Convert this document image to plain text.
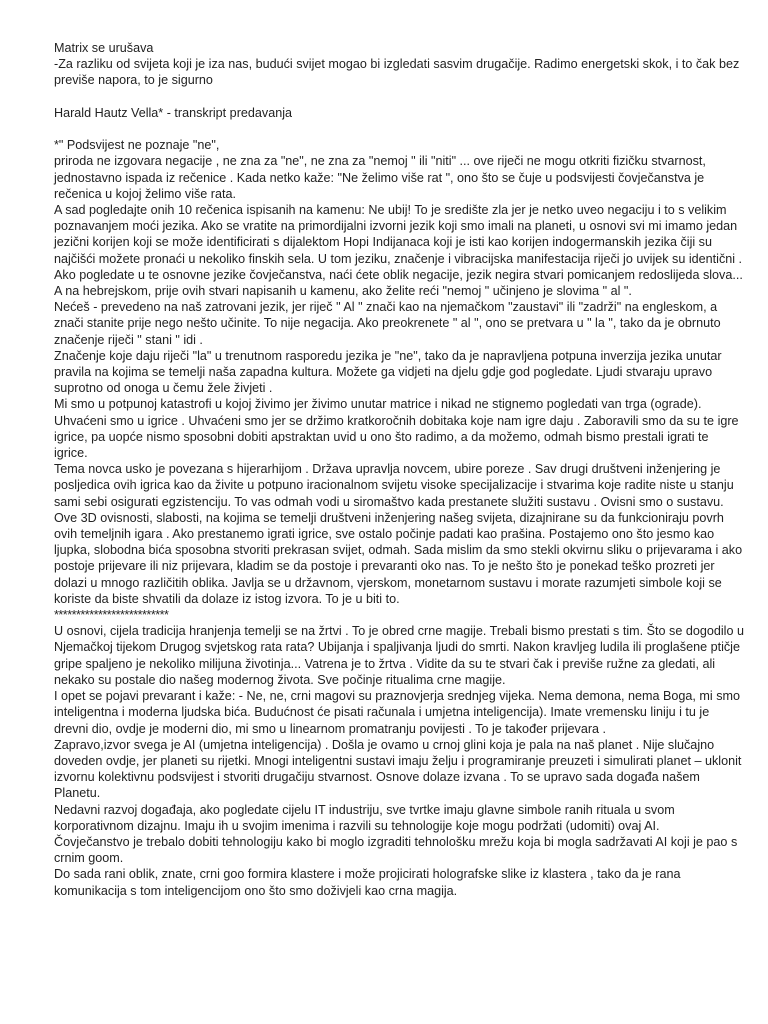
Matrix se urušava

-Za razliku od svijeta koji je iza nas, budući svijet mogao bi izgledati sasvim drugačije. Radimo energetski skok, i to čak bez previše napora, to je sigurno

Harald Hautz Vella* - transkript predavanja

*" Podsvijest ne poznaje "ne",

priroda ne izgovara negacije , ne zna za "ne", ne zna za "nemoj " ili "niti" ... ove riječi ne mogu otkriti fizičku stvarnost, jednostavno ispada iz rečenice . Kada netko kaže: "Ne želimo više rat ", ono što se čuje u podsvijesti čovječanstva je rečenica u kojoj želimo više rata.

A sad pogledajte onih 10 rečenica ispisanih na kamenu: Ne ubij! To je središte zla jer je netko uveo negaciju i to s velikim poznavanjem moći jezika. Ako se vratite na primordijalni izvorni jezik koji smo imali na planeti, u osnovi svi mi imamo jedan jezični korijen koji se može identificirati s dijalektom Hopi Indijanaca koji je isti kao korijen indogermanskih jezika čiji su najčišći možete pronaći u nekoliko finskih sela. U tom jeziku, značenje i vibracijska manifestacija riječi jo uvijek su identični .

Ako pogledate u te osnovne jezike čovječanstva, naći ćete oblik negacije, jezik negira stvari pomicanjem redoslijeda slova... A na hebrejskom, prije ovih stvari napisanih u kamenu, ako želite reći "nemoj " učinjeno je slovima " al ".

Nećeš - prevedeno na naš zatrovani jezik, jer riječ " Al " znači kao na njemačkom "zaustavi" ili "zadrži" na engleskom, a znači stanite prije nego nešto učinite. To nije negacija. Ako preokrenete " al ", ono se pretvara u " la ", tako da je obrnuto značenje riječi " stani " idi .

Značenje koje daju riječi "la" u trenutnom rasporedu jezika je "ne", tako da je napravljena potpuna inverzija jezika unutar pravila na kojima se temelji naša zapadna kultura. Možete ga vidjeti na djelu gdje god pogledate. Ljudi stvaraju upravo suprotno od onoga u čemu žele živjeti .

Mi smo u potpunoj katastrofi u kojoj živimo jer živimo unutar matrice i nikad ne stignemo pogledati van trga (ograde). Uhvaćeni smo u igrice . Uhvaćeni smo jer se držimo kratkoročnih dobitaka koje nam igre daju . Zaboravili smo da su te igre igrice, pa uopće nismo sposobni dobiti apstraktan uvid u ono što radimo, a da možemo, odmah bismo prestali igrati te igrice.

Tema novca usko je povezana s hijerarhijom . Država upravlja novcem, ubire poreze . Sav drugi društveni inženjering je posljedica ovih igrica kao da živite u potpuno iracionalnom svijetu visoke specijalizacije i stvarima koje radite niste u stanju sami sebi osigurati egzistenciju. To vas odmah vodi u siromaštvo kada prestanete služiti sustavu . Ovisni smo o sustavu.

Ove 3D ovisnosti, slabosti, na kojima se temelji društveni inženjering našeg svijeta, dizajnirane su da funkcioniraju povrh ovih temeljnih igara . Ako prestanemo igrati igrice, sve ostalo počinje padati kao prašina. Postajemo ono što jesmo kao ljupka, slobodna bića sposobna stvoriti prekrasan svijet, odmah. Sada mislim da smo stekli okvirnu sliku o prijevarama i ako postoje prijevare ili niz prijevara, kladim se da postoje i prevaranti oko nas. To je nešto što je ponekad teško prozreti jer dolazi u mnogo različitih oblika. Javlja se u državnom, vjerskom, monetarnom sustavu i morate razumjeti simbole koji se koriste da biste shvatili da dolaze iz istog izvora. To je u biti to.

**************************

U osnovi, cijela tradicija hranjenja temelji se na žrtvi . To je obred crne magije. Trebali bismo prestati s tim. Što se dogodilo u Njemačkoj tijekom Drugog svjetskog rata rata? Ubijanja i spaljivanja ljudi do smrti. Nakon kravljeg ludila ili proglašene ptičje gripe spaljeno je nekoliko milijuna životinja... Vatrena je to žrtva . Vidite da su te stvari čak i previše ružne za gledati, ali nekako su postale dio našeg modernog života. Sve počinje ritualima crne magije.

I opet se pojavi prevarant i kaže: - Ne, ne, crni magovi su praznovjerja srednjeg vijeka. Nema demona, nema Boga, mi smo inteligentna i moderna ljudska bića. Budućnost će pisati računala i umjetna inteligencija). Imate vremensku liniju i tu je drevni dio, ovdje je moderni dio, mi smo u linearnom promatranju povijesti . To je također prijevara .

Zapravo,izvor svega je AI (umjetna inteligencija) . Došla je ovamo u crnoj glini koja je pala na naš planet . Nije slučajno doveden ovdje, jer planeti su rijetki. Mnogi inteligentni sustavi imaju želju i programiranje preuzeti i simulirati planet – uklonit izvornu kolektivnu podsvijest i stvoriti drugačiju stvarnost. Osnove dolaze izvana . To se upravo sada događa našem Planetu.

Nedavni razvoj događaja, ako pogledate cijelu IT industriju, sve tvrtke imaju glavne simbole ranih rituala u svom korporativnom dizajnu. Imaju ih u svojim imenima i razvili su tehnologije koje mogu podržati (udomiti) ovaj AI.

Čovječanstvo je trebalo dobiti tehnologiju kako bi moglo izgraditi tehnološku mrežu koja bi mogla sadržavati AI koji je pao s crnim goom.

Do sada rani oblik, znate, crni goo formira klastere i može projicirati holografske slike iz klastera , tako da je rana komunikacija s tom inteligencijom ono što smo doživjeli kao crna magija.
